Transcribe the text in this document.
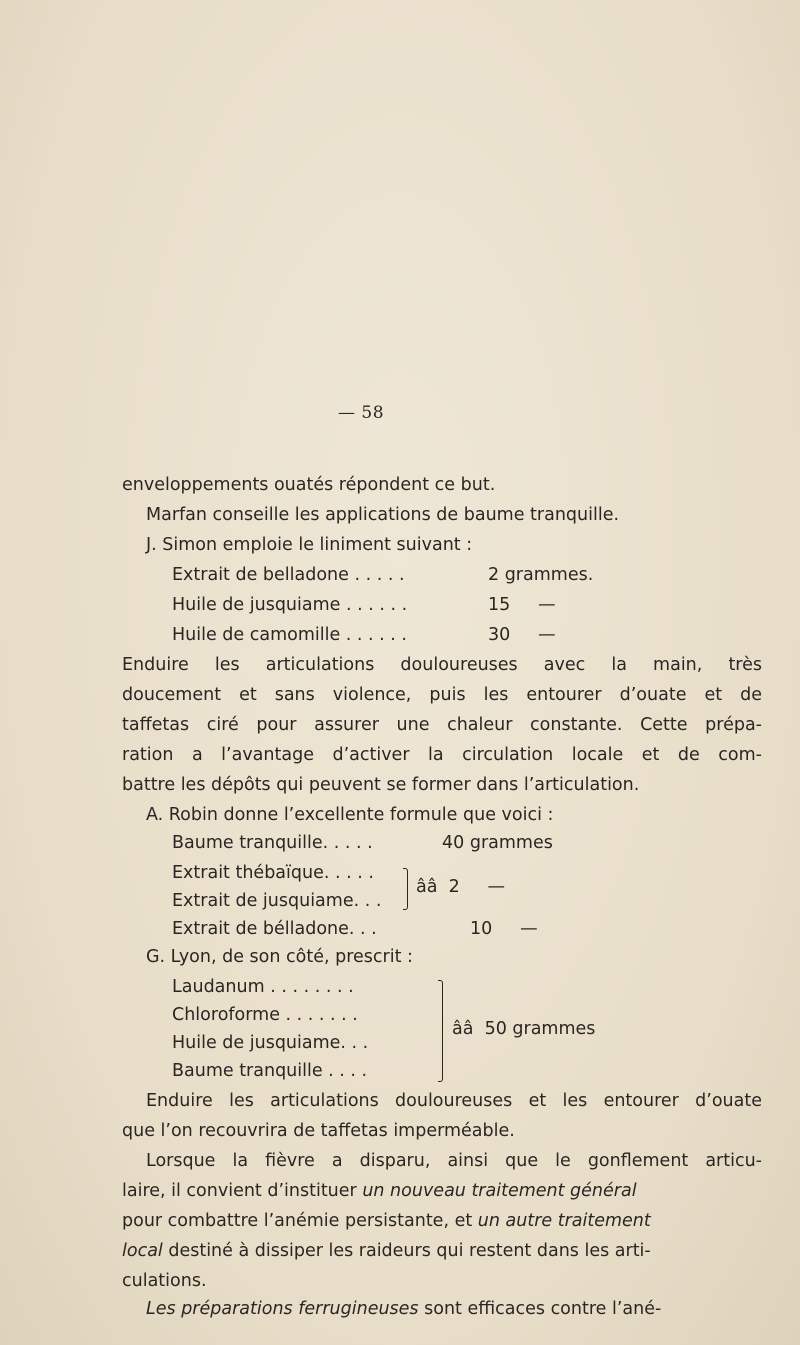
— 58
enveloppements ouatés répondent ce but.
Marfan conseille les applications de baume tranquille.
J. Simon emploie le liniment suivant :
Extrait de belladone . . . . .	2 grammes.
Huile de jusquiame . . . . . .	15     —
Huile de camomille . . . . . .	30     —
Enduire les articulations douloureuses avec la main, très
doucement et sans violence, puis les entourer d’ouate et de
taffetas ciré pour assurer une chaleur constante. Cette prépa-
ration a l’avantage d’activer la circulation locale et de com-
battre les dépôts qui peuvent se former dans l’articulation.
A. Robin donne l’excellente formule que voici :
Baume tranquille. . . . .	40 grammes
Extrait thébaïque. . . . .
Extrait de jusquiame. . .
ââ  2     —
Extrait de bélladone. . .	10     —
G. Lyon, de son côté, prescrit :
Laudanum . . . . . . . .
Chloroforme . . . . . . .
Huile de jusquiame. . .
Baume tranquille . . . .
ââ  50 grammes
Enduire les articulations douloureuses et les entourer d’ouate
que l’on recouvrira de taffetas imperméable.
Lorsque la fièvre a disparu, ainsi que le gonflement articu-
laire, il convient d’instituer un nouveau traitement général
pour combattre l’anémie persistante, et un autre traitement
local destiné à dissiper les raideurs qui restent dans les arti-
culations.
Les préparations ferrugineuses sont efficaces contre l’ané-
